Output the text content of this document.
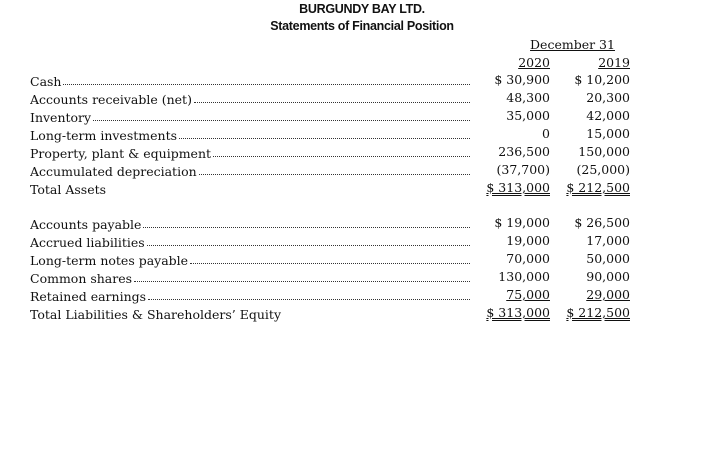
BURGUNDY BAY LTD.
Statements of Financial Position
December 31
2020	2019
Cash	$ 30,900	$ 10,200
Accounts receivable (net)	48,300	20,300
Inventory	35,000	42,000
Long-term investments	0	15,000
Property, plant & equipment	236,500	150,000
Accumulated depreciation	(37,700)	(25,000)
Total Assets	$ 313,000	$ 212,500
Accounts payable	$ 19,000	$ 26,500
Accrued liabilities	19,000	17,000
Long-term notes payable	70,000	50,000
Common shares	130,000	90,000
Retained earnings	75,000	29,000
Total Liabilities & Shareholders’ Equity	$ 313,000	$ 212,500
